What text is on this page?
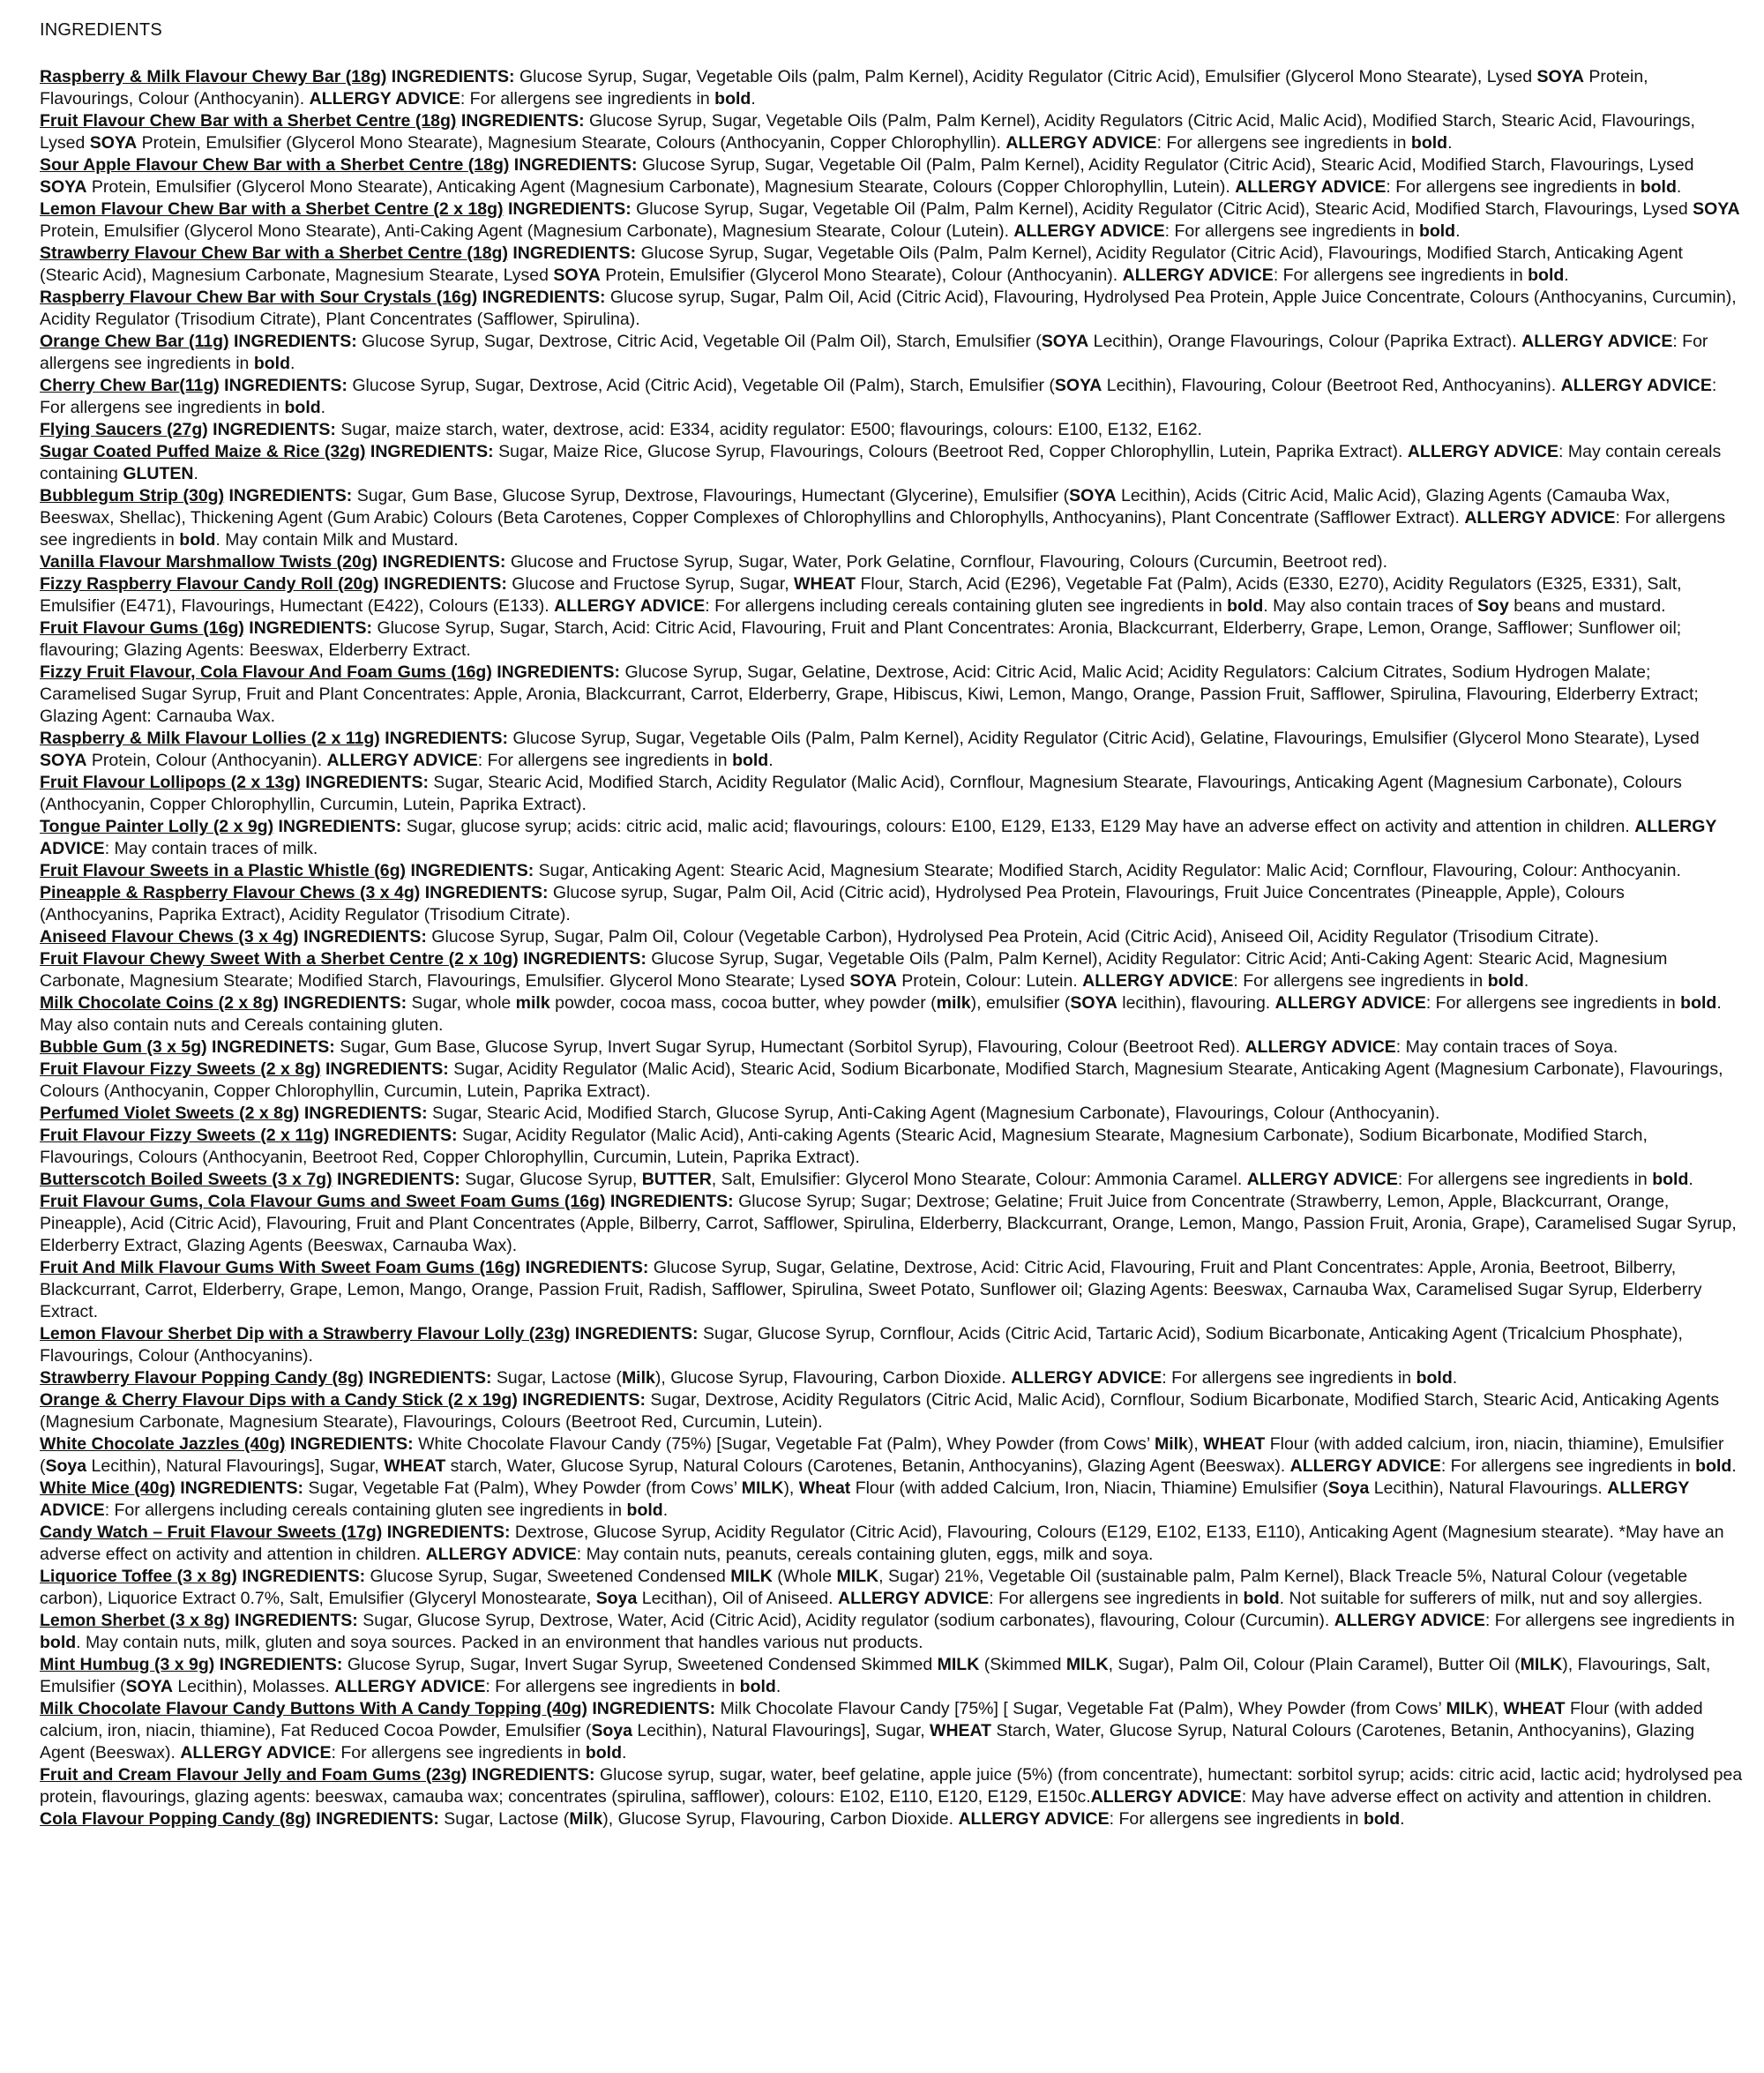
INGREDIENTS

Raspberry & Milk Flavour Chewy Bar (18g) INGREDIENTS: Glucose Syrup, Sugar, Vegetable Oils (palm, Palm Kernel), Acidity Regulator (Citric Acid), Emulsifier (Glycerol Mono Stearate), Lysed SOYA Protein, Flavourings, Colour (Anthocyanin). ALLERGY ADVICE: For allergens see ingredients in bold.

Fruit Flavour Chew Bar with a Sherbet Centre (18g) INGREDIENTS: Glucose Syrup, Sugar, Vegetable Oils (Palm, Palm Kernel), Acidity Regulators (Citric Acid, Malic Acid), Modified Starch, Stearic Acid, Flavourings, Lysed SOYA Protein, Emulsifier (Glycerol Mono Stearate), Magnesium Stearate, Colours (Anthocyanin, Copper Chlorophyllin). ALLERGY ADVICE: For allergens see ingredients in bold.

Sour Apple Flavour Chew Bar with a Sherbet Centre (18g) INGREDIENTS: Glucose Syrup, Sugar, Vegetable Oil (Palm, Palm Kernel), Acidity Regulator (Citric Acid), Stearic Acid, Modified Starch, Flavourings, Lysed SOYA Protein, Emulsifier (Glycerol Mono Stearate), Anticaking Agent (Magnesium Carbonate), Magnesium Stearate, Colours (Copper Chlorophyllin, Lutein). ALLERGY ADVICE: For allergens see ingredients in bold.

Lemon Flavour Chew Bar with a Sherbet Centre (2 x 18g) INGREDIENTS: Glucose Syrup, Sugar, Vegetable Oil (Palm, Palm Kernel), Acidity Regulator (Citric Acid), Stearic Acid, Modified Starch, Flavourings, Lysed SOYA Protein, Emulsifier (Glycerol Mono Stearate), Anti-Caking Agent (Magnesium Carbonate), Magnesium Stearate, Colour (Lutein). ALLERGY ADVICE: For allergens see ingredients in bold.

Strawberry Flavour Chew Bar with a Sherbet Centre (18g) INGREDIENTS: Glucose Syrup, Sugar, Vegetable Oils (Palm, Palm Kernel), Acidity Regulator (Citric Acid), Flavourings, Modified Starch, Anticaking Agent (Stearic Acid), Magnesium Carbonate, Magnesium Stearate, Lysed SOYA Protein, Emulsifier (Glycerol Mono Stearate), Colour (Anthocyanin). ALLERGY ADVICE: For allergens see ingredients in bold.

Raspberry Flavour Chew Bar with Sour Crystals (16g) INGREDIENTS: Glucose syrup, Sugar, Palm Oil, Acid (Citric Acid), Flavouring, Hydrolysed Pea Protein, Apple Juice Concentrate, Colours (Anthocyanins, Curcumin), Acidity Regulator (Trisodium Citrate), Plant Concentrates (Safflower, Spirulina).

Orange Chew Bar (11g) INGREDIENTS: Glucose Syrup, Sugar, Dextrose, Citric Acid, Vegetable Oil (Palm Oil), Starch, Emulsifier (SOYA Lecithin), Orange Flavourings, Colour (Paprika Extract). ALLERGY ADVICE: For allergens see ingredients in bold.

Cherry Chew Bar(11g) INGREDIENTS: Glucose Syrup, Sugar, Dextrose, Acid (Citric Acid), Vegetable Oil (Palm), Starch, Emulsifier (SOYA Lecithin), Flavouring, Colour (Beetroot Red, Anthocyanins). ALLERGY ADVICE: For allergens see ingredients in bold.

Flying Saucers (27g) INGREDIENTS: Sugar, maize starch, water, dextrose, acid: E334, acidity regulator: E500; flavourings, colours: E100, E132, E162.

Sugar Coated Puffed Maize & Rice (32g) INGREDIENTS: Sugar, Maize Rice, Glucose Syrup, Flavourings, Colours (Beetroot Red, Copper Chlorophyllin, Lutein, Paprika Extract). ALLERGY ADVICE: May contain cereals containing GLUTEN.

Bubblegum Strip (30g) INGREDIENTS: Sugar, Gum Base, Glucose Syrup, Dextrose, Flavourings, Humectant (Glycerine), Emulsifier (SOYA Lecithin), Acids (Citric Acid, Malic Acid), Glazing Agents (Camauba Wax, Beeswax, Shellac), Thickening Agent (Gum Arabic) Colours (Beta Carotenes, Copper Complexes of Chlorophyllins and Chlorophylls, Anthocyanins), Plant Concentrate (Safflower Extract). ALLERGY ADVICE: For allergens see ingredients in bold. May contain Milk and Mustard.

Vanilla Flavour Marshmallow Twists (20g) INGREDIENTS: Glucose and Fructose Syrup, Sugar, Water, Pork Gelatine, Cornflour, Flavouring, Colours (Curcumin, Beetroot red).

Fizzy Raspberry Flavour Candy Roll (20g) INGREDIENTS: Glucose and Fructose Syrup, Sugar, WHEAT Flour, Starch, Acid (E296), Vegetable Fat (Palm), Acids (E330, E270), Acidity Regulators (E325, E331), Salt, Emulsifier (E471), Flavourings, Humectant (E422), Colours (E133). ALLERGY ADVICE: For allergens including cereals containing gluten see ingredients in bold. May also contain traces of Soy beans and mustard.

Fruit Flavour Gums (16g) INGREDIENTS: Glucose Syrup, Sugar, Starch, Acid: Citric Acid, Flavouring, Fruit and Plant Concentrates: Aronia, Blackcurrant, Elderberry, Grape, Lemon, Orange, Safflower; Sunflower oil; flavouring; Glazing Agents: Beeswax, Elderberry Extract.

Fizzy Fruit Flavour, Cola Flavour And Foam Gums (16g) INGREDIENTS: Glucose Syrup, Sugar, Gelatine, Dextrose, Acid: Citric Acid, Malic Acid; Acidity Regulators: Calcium Citrates, Sodium Hydrogen Malate; Caramelised Sugar Syrup, Fruit and Plant Concentrates: Apple, Aronia, Blackcurrant, Carrot, Elderberry, Grape, Hibiscus, Kiwi, Lemon, Mango, Orange, Passion Fruit, Safflower, Spirulina, Flavouring, Elderberry Extract; Glazing Agent: Carnauba Wax.

Raspberry & Milk Flavour Lollies (2 x 11g) INGREDIENTS: Glucose Syrup, Sugar, Vegetable Oils (Palm, Palm Kernel), Acidity Regulator (Citric Acid), Gelatine, Flavourings, Emulsifier (Glycerol Mono Stearate), Lysed SOYA Protein, Colour (Anthocyanin). ALLERGY ADVICE: For allergens see ingredients in bold.

Fruit Flavour Lollipops (2 x 13g) INGREDIENTS: Sugar, Stearic Acid, Modified Starch, Acidity Regulator (Malic Acid), Cornflour, Magnesium Stearate, Flavourings, Anticaking Agent (Magnesium Carbonate), Colours (Anthocyanin, Copper Chlorophyllin, Curcumin, Lutein, Paprika Extract).

Tongue Painter Lolly (2 x 9g) INGREDIENTS: Sugar, glucose syrup; acids: citric acid, malic acid; flavourings, colours: E100, E129, E133, E129 May have an adverse effect on activity and attention in children. ALLERGY ADVICE: May contain traces of milk.

Fruit Flavour Sweets in a Plastic Whistle (6g) INGREDIENTS: Sugar, Anticaking Agent: Stearic Acid, Magnesium Stearate; Modified Starch, Acidity Regulator: Malic Acid; Cornflour, Flavouring, Colour: Anthocyanin.

Pineapple & Raspberry Flavour Chews (3 x 4g) INGREDIENTS: Glucose syrup, Sugar, Palm Oil, Acid (Citric acid), Hydrolysed Pea Protein, Flavourings, Fruit Juice Concentrates (Pineapple, Apple), Colours (Anthocyanins, Paprika Extract), Acidity Regulator (Trisodium Citrate).

Aniseed Flavour Chews (3 x 4g) INGREDIENTS: Glucose Syrup, Sugar, Palm Oil, Colour (Vegetable Carbon), Hydrolysed Pea Protein, Acid (Citric Acid), Aniseed Oil, Acidity Regulator (Trisodium Citrate).

Fruit Flavour Chewy Sweet With a Sherbet Centre (2 x 10g) INGREDIENTS: Glucose Syrup, Sugar, Vegetable Oils (Palm, Palm Kernel), Acidity Regulator: Citric Acid; Anti-Caking Agent: Stearic Acid, Magnesium Carbonate, Magnesium Stearate; Modified Starch, Flavourings, Emulsifier. Glycerol Mono Stearate; Lysed SOYA Protein, Colour: Lutein. ALLERGY ADVICE: For allergens see ingredients in bold.

Milk Chocolate Coins (2 x 8g) INGREDIENTS: Sugar, whole milk powder, cocoa mass, cocoa butter, whey powder (milk), emulsifier (SOYA lecithin), flavouring. ALLERGY ADVICE: For allergens see ingredients in bold. May also contain nuts and Cereals containing gluten.

Bubble Gum (3 x 5g) INGREDINETS: Sugar, Gum Base, Glucose Syrup, Invert Sugar Syrup, Humectant (Sorbitol Syrup), Flavouring, Colour (Beetroot Red). ALLERGY ADVICE: May contain traces of Soya.

Fruit Flavour Fizzy Sweets (2 x 8g) INGREDIENTS: Sugar, Acidity Regulator (Malic Acid), Stearic Acid, Sodium Bicarbonate, Modified Starch, Magnesium Stearate, Anticaking Agent (Magnesium Carbonate), Flavourings, Colours (Anthocyanin, Copper Chlorophyllin, Curcumin, Lutein, Paprika Extract).

Perfumed Violet Sweets (2 x 8g) INGREDIENTS: Sugar, Stearic Acid, Modified Starch, Glucose Syrup, Anti-Caking Agent (Magnesium Carbonate), Flavourings, Colour (Anthocyanin).

Fruit Flavour Fizzy Sweets (2 x 11g) INGREDIENTS: Sugar, Acidity Regulator (Malic Acid), Anti-caking Agents (Stearic Acid, Magnesium Stearate, Magnesium Carbonate), Sodium Bicarbonate, Modified Starch, Flavourings, Colours (Anthocyanin, Beetroot Red, Copper Chlorophyllin, Curcumin, Lutein, Paprika Extract).

Butterscotch Boiled Sweets (3 x 7g) INGREDIENTS: Sugar, Glucose Syrup, BUTTER, Salt, Emulsifier: Glycerol Mono Stearate, Colour: Ammonia Caramel. ALLERGY ADVICE: For allergens see ingredients in bold.

Fruit Flavour Gums, Cola Flavour Gums and Sweet Foam Gums (16g) INGREDIENTS: Glucose Syrup; Sugar; Dextrose; Gelatine; Fruit Juice from Concentrate (Strawberry, Lemon, Apple, Blackcurrant, Orange, Pineapple), Acid (Citric Acid), Flavouring, Fruit and Plant Concentrates (Apple, Bilberry, Carrot, Safflower, Spirulina, Elderberry, Blackcurrant, Orange, Lemon, Mango, Passion Fruit, Aronia, Grape), Caramelised Sugar Syrup, Elderberry Extract, Glazing Agents (Beeswax, Carnauba Wax).

Fruit And Milk Flavour Gums With Sweet Foam Gums (16g) INGREDIENTS: Glucose Syrup, Sugar, Gelatine, Dextrose, Acid: Citric Acid, Flavouring, Fruit and Plant Concentrates: Apple, Aronia, Beetroot, Bilberry, Blackcurrant, Carrot, Elderberry, Grape, Lemon, Mango, Orange, Passion Fruit, Radish, Safflower, Spirulina, Sweet Potato, Sunflower oil; Glazing Agents: Beeswax, Carnauba Wax, Caramelised Sugar Syrup, Elderberry Extract.

Lemon Flavour Sherbet Dip with a Strawberry Flavour Lolly (23g) INGREDIENTS: Sugar, Glucose Syrup, Cornflour, Acids (Citric Acid, Tartaric Acid), Sodium Bicarbonate, Anticaking Agent (Tricalcium Phosphate), Flavourings, Colour (Anthocyanins).

Strawberry Flavour Popping Candy (8g) INGREDIENTS: Sugar, Lactose (Milk), Glucose Syrup, Flavouring, Carbon Dioxide. ALLERGY ADVICE: For allergens see ingredients in bold.

Orange & Cherry Flavour Dips with a Candy Stick (2 x 19g) INGREDIENTS: Sugar, Dextrose, Acidity Regulators (Citric Acid, Malic Acid), Cornflour, Sodium Bicarbonate, Modified Starch, Stearic Acid, Anticaking Agents (Magnesium Carbonate, Magnesium Stearate), Flavourings, Colours (Beetroot Red, Curcumin, Lutein).

White Chocolate Jazzles (40g) INGREDIENTS: White Chocolate Flavour Candy (75%) [Sugar, Vegetable Fat (Palm), Whey Powder (from Cows’ Milk), WHEAT Flour (with added calcium, iron, niacin, thiamine), Emulsifier (Soya Lecithin), Natural Flavourings], Sugar, WHEAT starch, Water, Glucose Syrup, Natural Colours (Carotenes, Betanin, Anthocyanins), Glazing Agent (Beeswax). ALLERGY ADVICE: For allergens see ingredients in bold.

White Mice (40g) INGREDIENTS: Sugar, Vegetable Fat (Palm), Whey Powder (from Cows’ MILK), Wheat Flour (with added Calcium, Iron, Niacin, Thiamine) Emulsifier (Soya Lecithin), Natural Flavourings. ALLERGY ADVICE: For allergens including cereals containing gluten see ingredients in bold.

Candy Watch – Fruit Flavour Sweets (17g) INGREDIENTS: Dextrose, Glucose Syrup, Acidity Regulator (Citric Acid), Flavouring, Colours (E129, E102, E133, E110), Anticaking Agent (Magnesium stearate). *May have an adverse effect on activity and attention in children. ALLERGY ADVICE: May contain nuts, peanuts, cereals containing gluten, eggs, milk and soya.

Liquorice Toffee (3 x 8g) INGREDIENTS: Glucose Syrup, Sugar, Sweetened Condensed MILK (Whole MILK, Sugar) 21%, Vegetable Oil (sustainable palm, Palm Kernel), Black Treacle 5%, Natural Colour (vegetable carbon), Liquorice Extract 0.7%, Salt, Emulsifier (Glyceryl Monostearate, Soya Lecithan), Oil of Aniseed. ALLERGY ADVICE: For allergens see ingredients in bold. Not suitable for sufferers of milk, nut and soy allergies.

Lemon Sherbet (3 x 8g) INGREDIENTS: Sugar, Glucose Syrup, Dextrose, Water, Acid (Citric Acid), Acidity regulator (sodium carbonates), flavouring, Colour (Curcumin). ALLERGY ADVICE: For allergens see ingredients in bold. May contain nuts, milk, gluten and soya sources. Packed in an environment that handles various nut products.

Mint Humbug (3 x 9g) INGREDIENTS: Glucose Syrup, Sugar, Invert Sugar Syrup, Sweetened Condensed Skimmed MILK (Skimmed MILK, Sugar), Palm Oil, Colour (Plain Caramel), Butter Oil (MILK), Flavourings, Salt, Emulsifier (SOYA Lecithin), Molasses. ALLERGY ADVICE: For allergens see ingredients in bold.

Milk Chocolate Flavour Candy Buttons With A Candy Topping (40g) INGREDIENTS: Milk Chocolate Flavour Candy [75%] [ Sugar, Vegetable Fat (Palm), Whey Powder (from Cows’ MILK), WHEAT Flour (with added calcium, iron, niacin, thiamine), Fat Reduced Cocoa Powder, Emulsifier (Soya Lecithin), Natural Flavourings], Sugar, WHEAT Starch, Water, Glucose Syrup, Natural Colours (Carotenes, Betanin, Anthocyanins), Glazing Agent (Beeswax). ALLERGY ADVICE: For allergens see ingredients in bold.

Fruit and Cream Flavour Jelly and Foam Gums (23g) INGREDIENTS: Glucose syrup, sugar, water, beef gelatine, apple juice (5%) (from concentrate), humectant: sorbitol syrup; acids: citric acid, lactic acid; hydrolysed pea protein, flavourings, glazing agents: beeswax, camauba wax; concentrates (spirulina, safflower), colours: E102, E110, E120, E129, E150c.ALLERGY ADVICE: May have adverse effect on activity and attention in children.

Cola Flavour Popping Candy (8g) INGREDIENTS: Sugar, Lactose (Milk), Glucose Syrup, Flavouring, Carbon Dioxide. ALLERGY ADVICE: For allergens see ingredients in bold.
